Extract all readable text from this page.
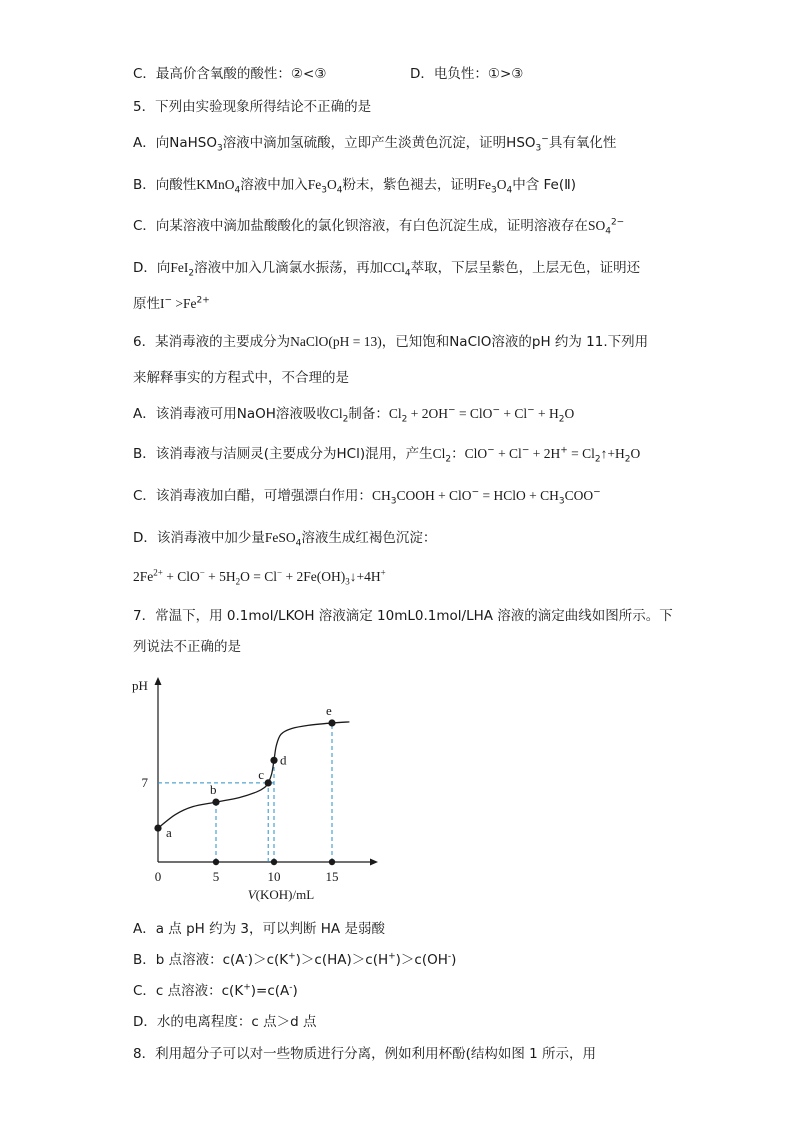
C．最高价含氧酸的酸性：②<③	D．电负性：①>③
5．下列由实验现象所得结论不正确的是
A．向NaHSO$_3$溶液中滴加氢硫酸，立即产生淡黄色沉淀，证明$HSO_3^-$具有氧化性
B．向酸性KMnO$_4$溶液中加入$Fe_3O_4$粉末，紫色褪去，证明$Fe_3O_4$中含 Fe(Ⅱ)
C．向某溶液中滴加盐酸酸化的氯化钡溶液，有白色沉淀生成，证明溶液存在$SO_4^{2-}$
D．向FeI$_2$溶液中加入几滴氯水振荡，再加CCl$_4$萃取，下层呈紫色，上层无色，证明还
原性$I^- >Fe^{2+}$
6．某消毒液的主要成分为NaClO(pH = 13)，已知饱和NaClO溶液的pH 约为 11.下列用
来解释事实的方程式中，不合理的是
A．该消毒液可用NaOH溶液吸收$Cl_2$制备：$Cl_2 + 2OH^- = ClO^- + Cl^- + H_2O$
B．该消毒液与洁厕灵(主要成分为HCl)混用，产生$Cl_2$：$ClO^- + Cl^- + 2H^+ = Cl_2↑+H_2O$
C．该消毒液加白醋，可增强漂白作用：$CH_3COOH + ClO^-$ = HClO + $CH_3COO^-$
D．该消毒液中加少量FeSO$_4$溶液生成红褐色沉淀：
$2Fe^{2+} + ClO^- + 5H_2O = Cl^-$ + $2Fe(OH)_3↓+4H^+$
7．常温下，用 0.1mol/LKOH 溶液滴定 10mL0.1mol/LHA 溶液的滴定曲线如图所示。下
列说法不正确的是
pH
V(KOH)/mL
0	5	10	15
7
a
b
c
d
e
A．a 点 pH 约为 3，可以判断 HA 是弱酸
B．b 点溶液：c(A-)＞c(K+)＞c(HA)＞c(H+)＞c(OH-)
C．c 点溶液：c(K+)=c(A-)
D．水的电离程度：c 点＞d 点
8．利用超分子可以对一些物质进行分离，例如利用杯酚(结构如图 1 所示，用
